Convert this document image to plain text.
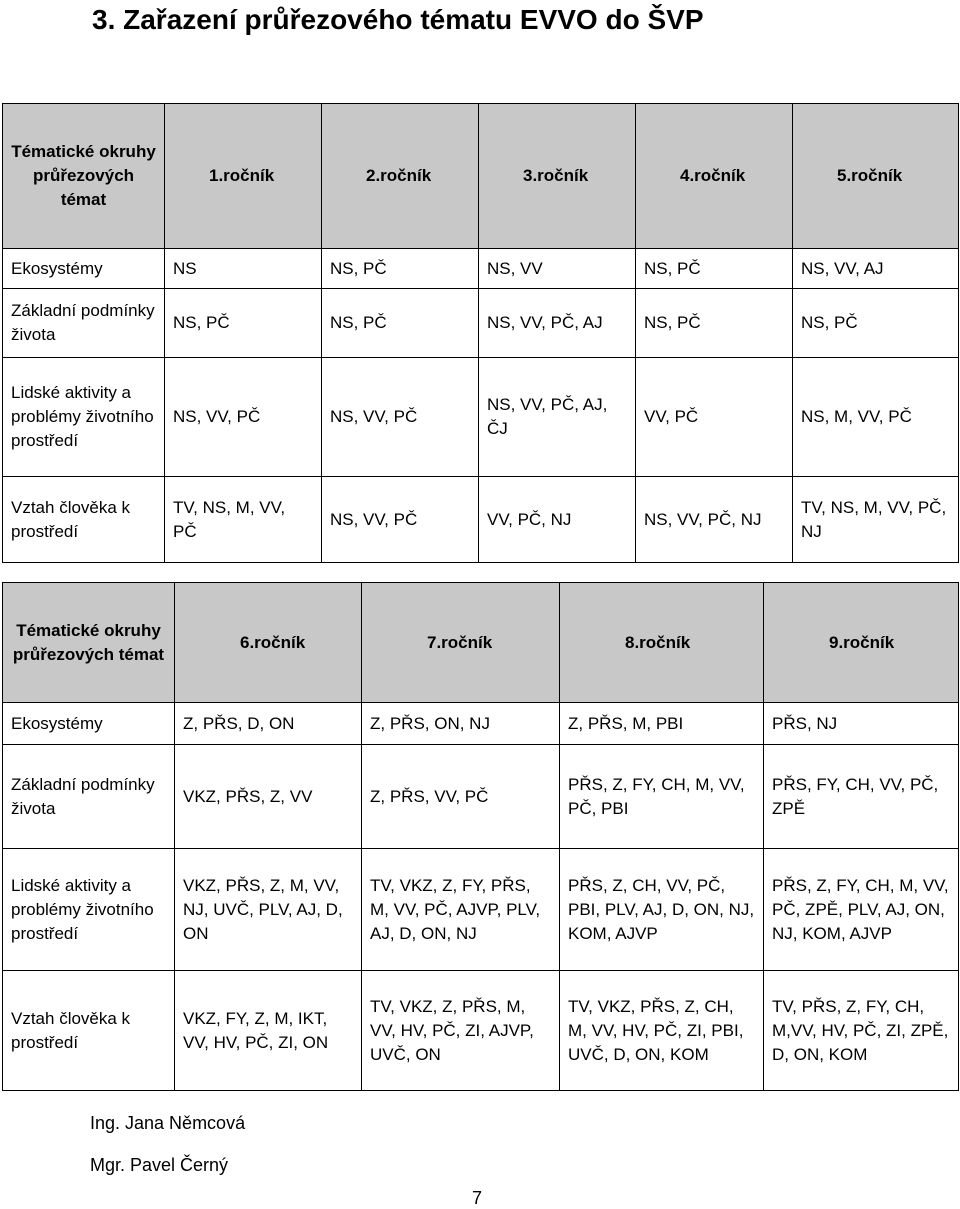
3. Zařazení průřezového tématu EVVO do ŠVP
Tématické okruhy průřezových témat	1.ročník	2.ročník	3.ročník	4.ročník	5.ročník
Ekosystémy	NS	NS, PČ	NS, VV	NS, PČ	NS, VV, AJ
Základní podmínky života	NS, PČ	NS, PČ	NS, VV, PČ, AJ	NS, PČ	NS, PČ
Lidské aktivity a problémy životního prostředí	NS, VV, PČ	NS, VV, PČ	NS, VV, PČ, AJ, ČJ	VV, PČ	NS, M, VV, PČ
Vztah člověka k prostředí	TV, NS, M, VV, PČ	NS, VV, PČ	VV, PČ, NJ	NS, VV, PČ, NJ	TV, NS, M, VV, PČ, NJ
Tématické okruhy průřezových témat	6.ročník	7.ročník	8.ročník	9.ročník
Ekosystémy	Z, PŘS, D, ON	Z, PŘS, ON, NJ	Z, PŘS, M, PBI	PŘS, NJ
Základní podmínky života	VKZ, PŘS, Z, VV	Z, PŘS, VV, PČ	PŘS, Z, FY, CH, M, VV, PČ, PBI	PŘS, FY, CH, VV, PČ, ZPĚ
Lidské aktivity a problémy životního prostředí	VKZ, PŘS, Z, M, VV, NJ, UVČ, PLV, AJ, D, ON	TV, VKZ, Z, FY, PŘS, M, VV, PČ, AJVP, PLV, AJ, D, ON, NJ	PŘS, Z, CH, VV, PČ, PBI, PLV, AJ, D, ON, NJ, KOM, AJVP	PŘS, Z, FY, CH, M, VV, PČ, ZPĚ, PLV, AJ, ON, NJ, KOM, AJVP
Vztah člověka k prostředí	VKZ, FY, Z, M, IKT, VV, HV, PČ, ZI, ON	TV, VKZ, Z, PŘS, M, VV, HV, PČ, ZI, AJVP, UVČ, ON	TV, VKZ, PŘS, Z, CH, M, VV, HV, PČ, ZI, PBI, UVČ, D, ON, KOM	TV, PŘS, Z, FY, CH, M,VV, HV, PČ, ZI, ZPĚ, D, ON, KOM
Ing. Jana Němcová
Mgr. Pavel Černý
7
